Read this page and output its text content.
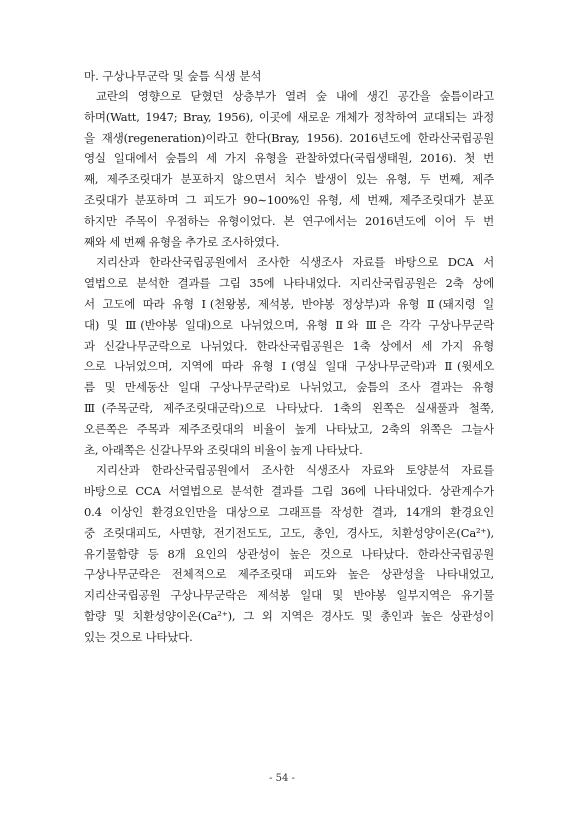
마. 구상나무군락 및 숲틈 식생 분석
교란의 영향으로 닫혔던 상층부가 열려 숲 내에 생긴 공간을 숲틈이라고
하며(Watt, 1947; Bray, 1956), 이곳에 새로운 개체가 정착하여 교대되는 과정
을 재생(regeneration)이라고 한다(Bray, 1956). 2016년도에 한라산국립공원
영실 일대에서 숲틈의 세 가지 유형을 관찰하였다(국립생태원, 2016). 첫 번
째, 제주조릿대가 분포하지 않으면서 치수 발생이 있는 유형, 두 번째, 제주
조릿대가 분포하며 그 피도가 90∼100%인 유형, 세 번째, 제주조릿대가 분포
하지만 주목이 우점하는 유형이었다. 본 연구에서는 2016년도에 이어 두 번
째와 세 번째 유형을 추가로 조사하였다.
지리산과 한라산국립공원에서 조사한 식생조사 자료를 바탕으로 DCA 서
열법으로 분석한 결과를 그림 35에 나타내었다. 지리산국립공원은 2축 상에
서 고도에 따라 유형 Ⅰ(천왕봉, 제석봉, 반야봉 정상부)과 유형 Ⅱ(돼지령 일
대) 및 Ⅲ(반야봉 일대)으로 나뉘었으며, 유형 Ⅱ와 Ⅲ은 각각 구상나무군락
과 신갈나무군락으로 나뉘었다. 한라산국립공원은 1축 상에서 세 가지 유형
으로 나뉘었으며, 지역에 따라 유형 Ⅰ(영실 일대 구상나무군락)과 Ⅱ(윗세오
름 및 만세동산 일대 구상나무군락)로 나뉘었고, 숲틈의 조사 결과는 유형
Ⅲ(주목군락, 제주조릿대군락)으로 나타났다. 1축의 왼쪽은 실새풀과 철쭉,
오른쪽은 주목과 제주조릿대의 비율이 높게 나타났고, 2축의 위쪽은 그늘사
초, 아래쪽은 신갈나무와 조릿대의 비율이 높게 나타났다.
지리산과 한라산국립공원에서 조사한 식생조사 자료와 토양분석 자료를
바탕으로 CCA 서열법으로 분석한 결과를 그림 36에 나타내었다. 상관계수가
0.4 이상인 환경요인만을 대상으로 그래프를 작성한 결과, 14개의 환경요인
중 조릿대피도, 사면향, 전기전도도, 고도, 총인, 경사도, 치환성양이온(Ca²⁺),
유기물함량 등 8개 요인의 상관성이 높은 것으로 나타났다. 한라산국립공원
구상나무군락은 전체적으로 제주조릿대 피도와 높은 상관성을 나타내었고,
지리산국립공원 구상나무군락은 제석봉 일대 및 반야봉 일부지역은 유기물
함량 및 치환성양이온(Ca²⁺), 그 외 지역은 경사도 및 총인과 높은 상관성이
있는 것으로 나타났다.
- 54 -
